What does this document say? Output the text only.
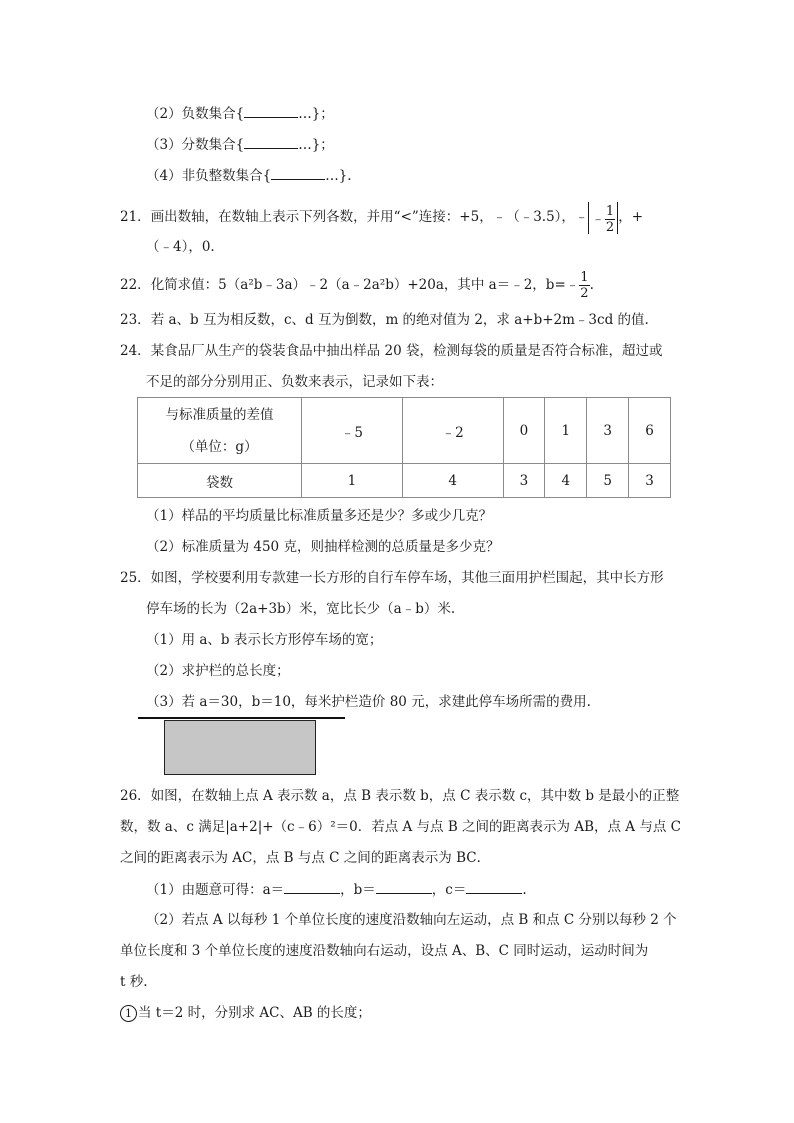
（2）负数集合{	…}；
（3）分数集合{	…}；
（4）非负整数集合{	…}.
21．画出数轴，在数轴上表示下列各数，并用“<”连接：+5，﹣（﹣3.5），﹣ ﹣ $\frac{1}{2}$ ，+
（﹣4），0.
22．化简求值：5（a²b﹣3a）﹣2（a﹣2a²b）+20a，其中 a＝﹣2，b=﹣ $\frac{1}{2}$ .
23．若 a、b 互为相反数，c、d 互为倒数，m 的绝对值为 2，求 a+b+2m﹣3cd 的值.
24．某食品厂从生产的袋装食品中抽出样品 20 袋，检测每袋的质量是否符合标准，超过或
不足的部分分别用正、负数来表示，记录如下表：
与标准质量的差值
（单位：g）	﹣5	﹣2	0	1	3	6
袋数	1	4	3	4	5	3
（1）样品的平均质量比标准质量多还是少？多或少几克？
（2）标准质量为 450 克，则抽样检测的总质量是多少克？
25．如图，学校要利用专款建一长方形的自行车停车场，其他三面用护栏围起，其中长方形
停车场的长为（2a+3b）米，宽比长少（a﹣b）米.
（1）用 a、b 表示长方形停车场的宽；
（2）求护栏的总长度；
（3）若 a＝30，b＝10，每米护栏造价 80 元，求建此停车场所需的费用.
26．如图，在数轴上点 A 表示数 a，点 B 表示数 b，点 C 表示数 c，其中数 b 是最小的正整
数，数 a、c 满足|a+2|+（c﹣6）²＝0．若点 A 与点 B 之间的距离表示为 AB，点 A 与点 C
之间的距离表示为 AC，点 B 与点 C 之间的距离表示为 BC．
（1）由题意可得：a＝	，b＝	，c＝	.
（2）若点 A 以每秒 1 个单位长度的速度沿数轴向左运动，点 B 和点 C 分别以每秒 2 个
单位长度和 3 个单位长度的速度沿数轴向右运动，设点 A、B、C 同时运动，运动时间为
t 秒.
1 当 t＝2 时，分别求 AC、AB 的长度；
